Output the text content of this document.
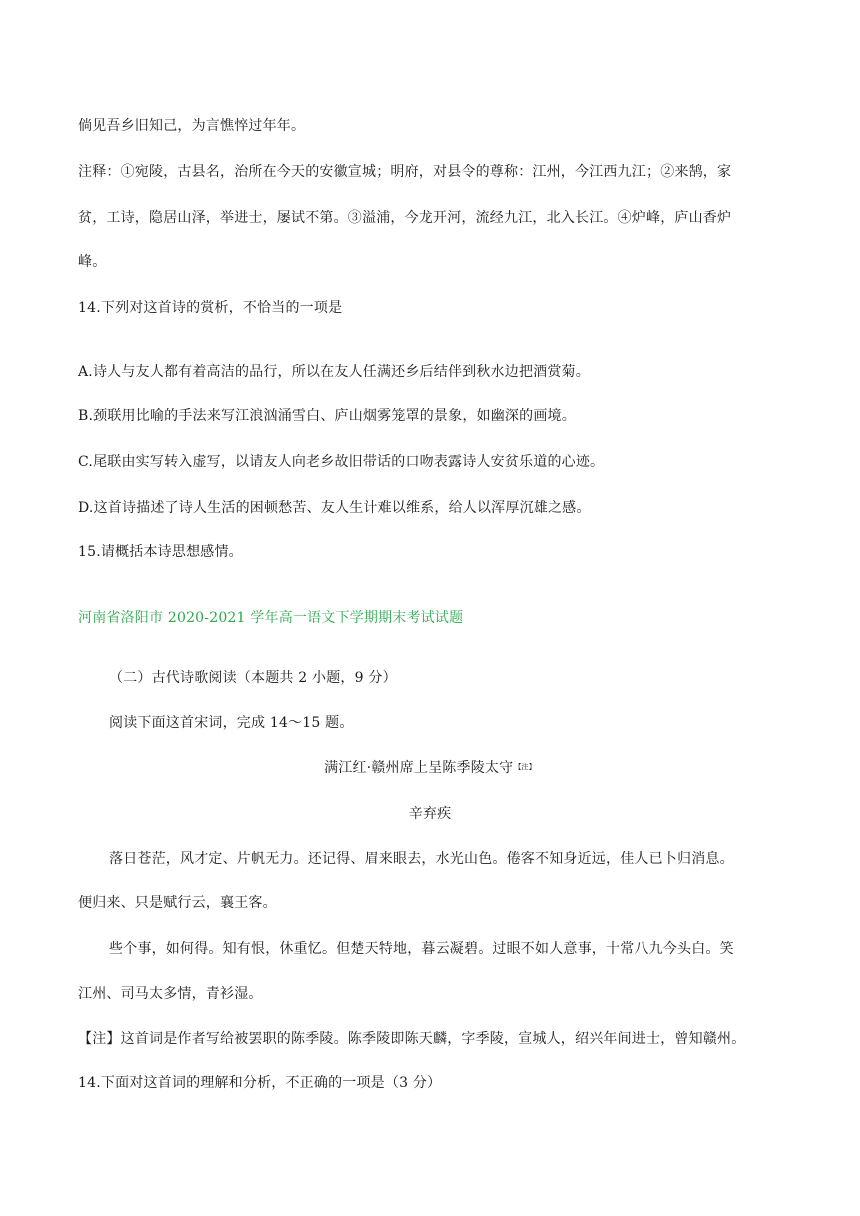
倘见吾乡旧知己，为言憔悴过年年。
注释：①宛陵，古县名，治所在今天的安徽宣城；明府，对县令的尊称：江州，今江西九江；②来鹄，家
贫，工诗，隐居山泽，举进士，屡试不第。③溢浦，今龙开河，流经九江，北入长江。④炉峰，庐山香炉
峰。
14.下列对这首诗的赏析，不恰当的一项是
A.诗人与友人都有着高洁的品行，所以在友人任满还乡后结伴到秋水边把酒赏菊。
B.颈联用比喻的手法来写江浪汹涌雪白、庐山烟雾笼罩的景象，如幽深的画境。
C.尾联由实写转入虚写，以请友人向老乡故旧带话的口吻表露诗人安贫乐道的心迹。
D.这首诗描述了诗人生活的困顿愁苦、友人生计难以维系，给人以浑厚沉雄之感。
15.请概括本诗思想感情。
河南省洛阳市 2020-2021 学年高一语文下学期期末考试试题
（二）古代诗歌阅读（本题共 2 小题，9 分）
阅读下面这首宋词，完成 14～15 题。
满江红·赣州席上呈陈季陵太守$^{【注】}$
辛弃疾
落日苍茫，风才定、片帆无力。还记得、眉来眼去，水光山色。倦客不知身近远，佳人已卜归消息。
便归来、只是赋行云，襄王客。
些个事，如何得。知有恨，休重忆。但楚天特地，暮云凝碧。过眼不如人意事，十常八九今头白。笑
江州、司马太多情，青衫湿。
【注】这首词是作者写给被罢职的陈季陵。陈季陵即陈天麟，字季陵，宣城人，绍兴年间进士，曾知赣州。
14.下面对这首词的理解和分析，不正确的一项是（3 分）
